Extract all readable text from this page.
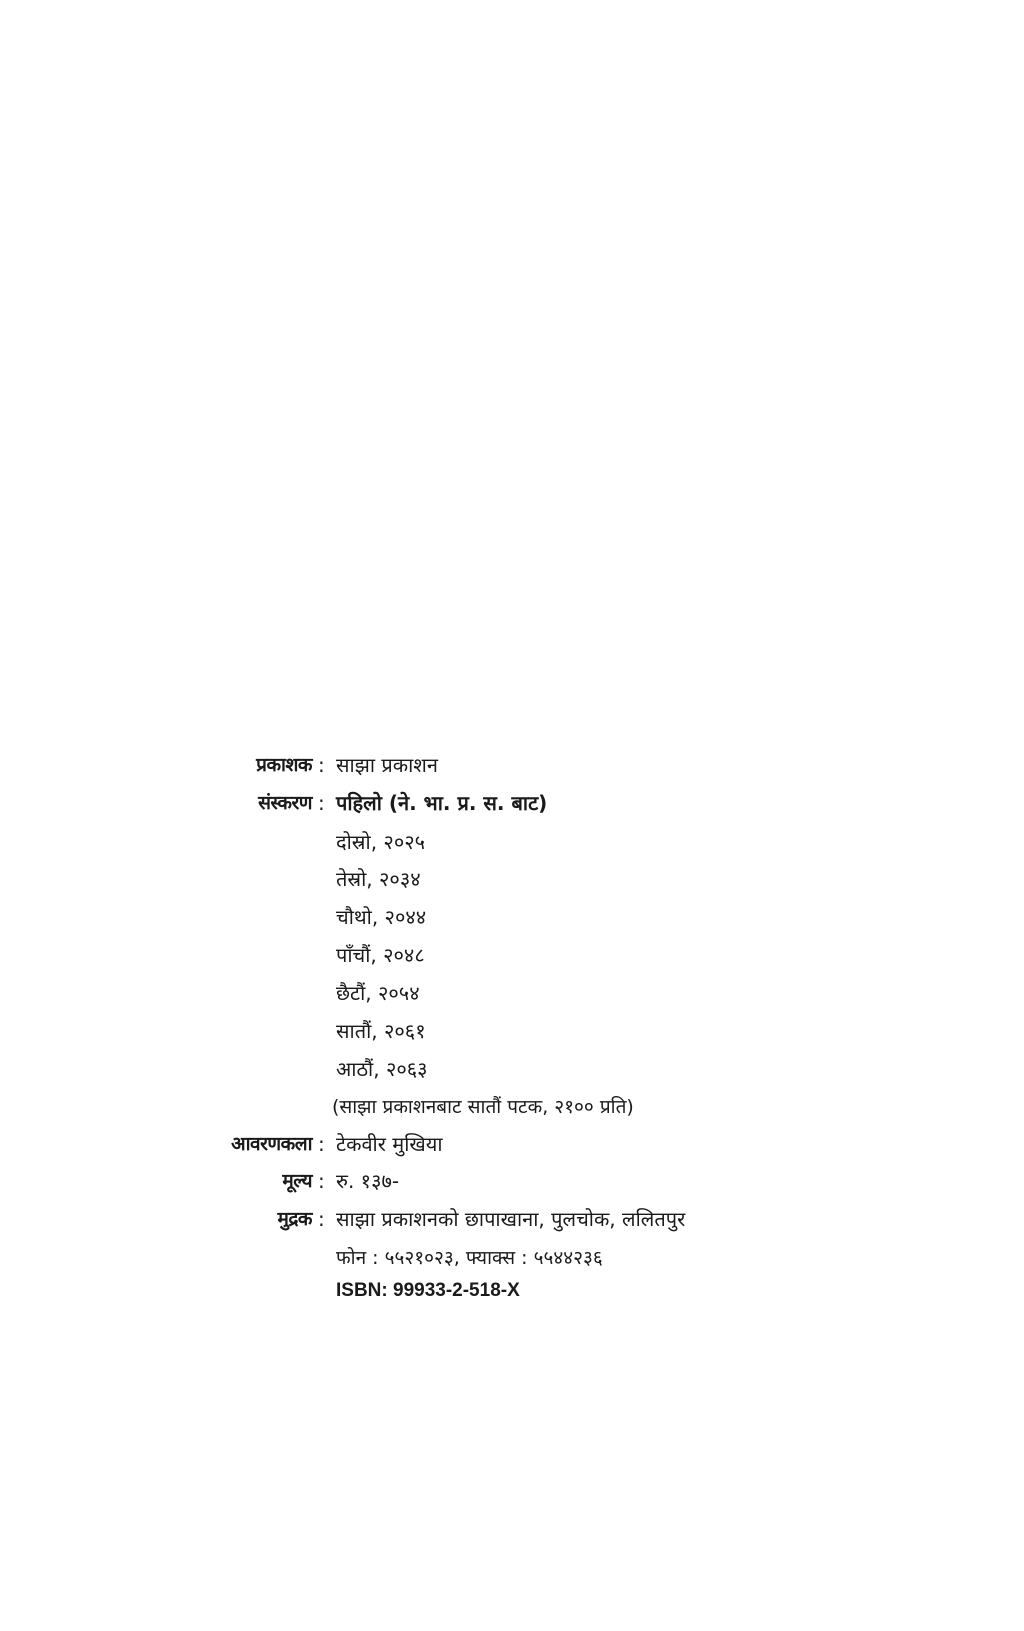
प्रकाशक : साझा प्रकाशन
संस्करण : पहिलो (ने. भा. प्र. स. बाट)
दोस्रो, २०२५
तेस्रो, २०३४
चौथो, २०४४
पाँचौं, २०४८
छैटौं, २०५४
सातौं, २०६१
आठौं, २०६३
(साझा प्रकाशनबाट सातौं पटक, २१०० प्रति)
आवरणकला : टेकवीर मुखिया
मूल्य : रु. १३७-
मुद्रक : साझा प्रकाशनको छापाखाना, पुलचोक, ललितपुर
फोन : ५५२१०२३, फ्याक्स : ५५४४२३६
ISBN: 99933-2-518-X
